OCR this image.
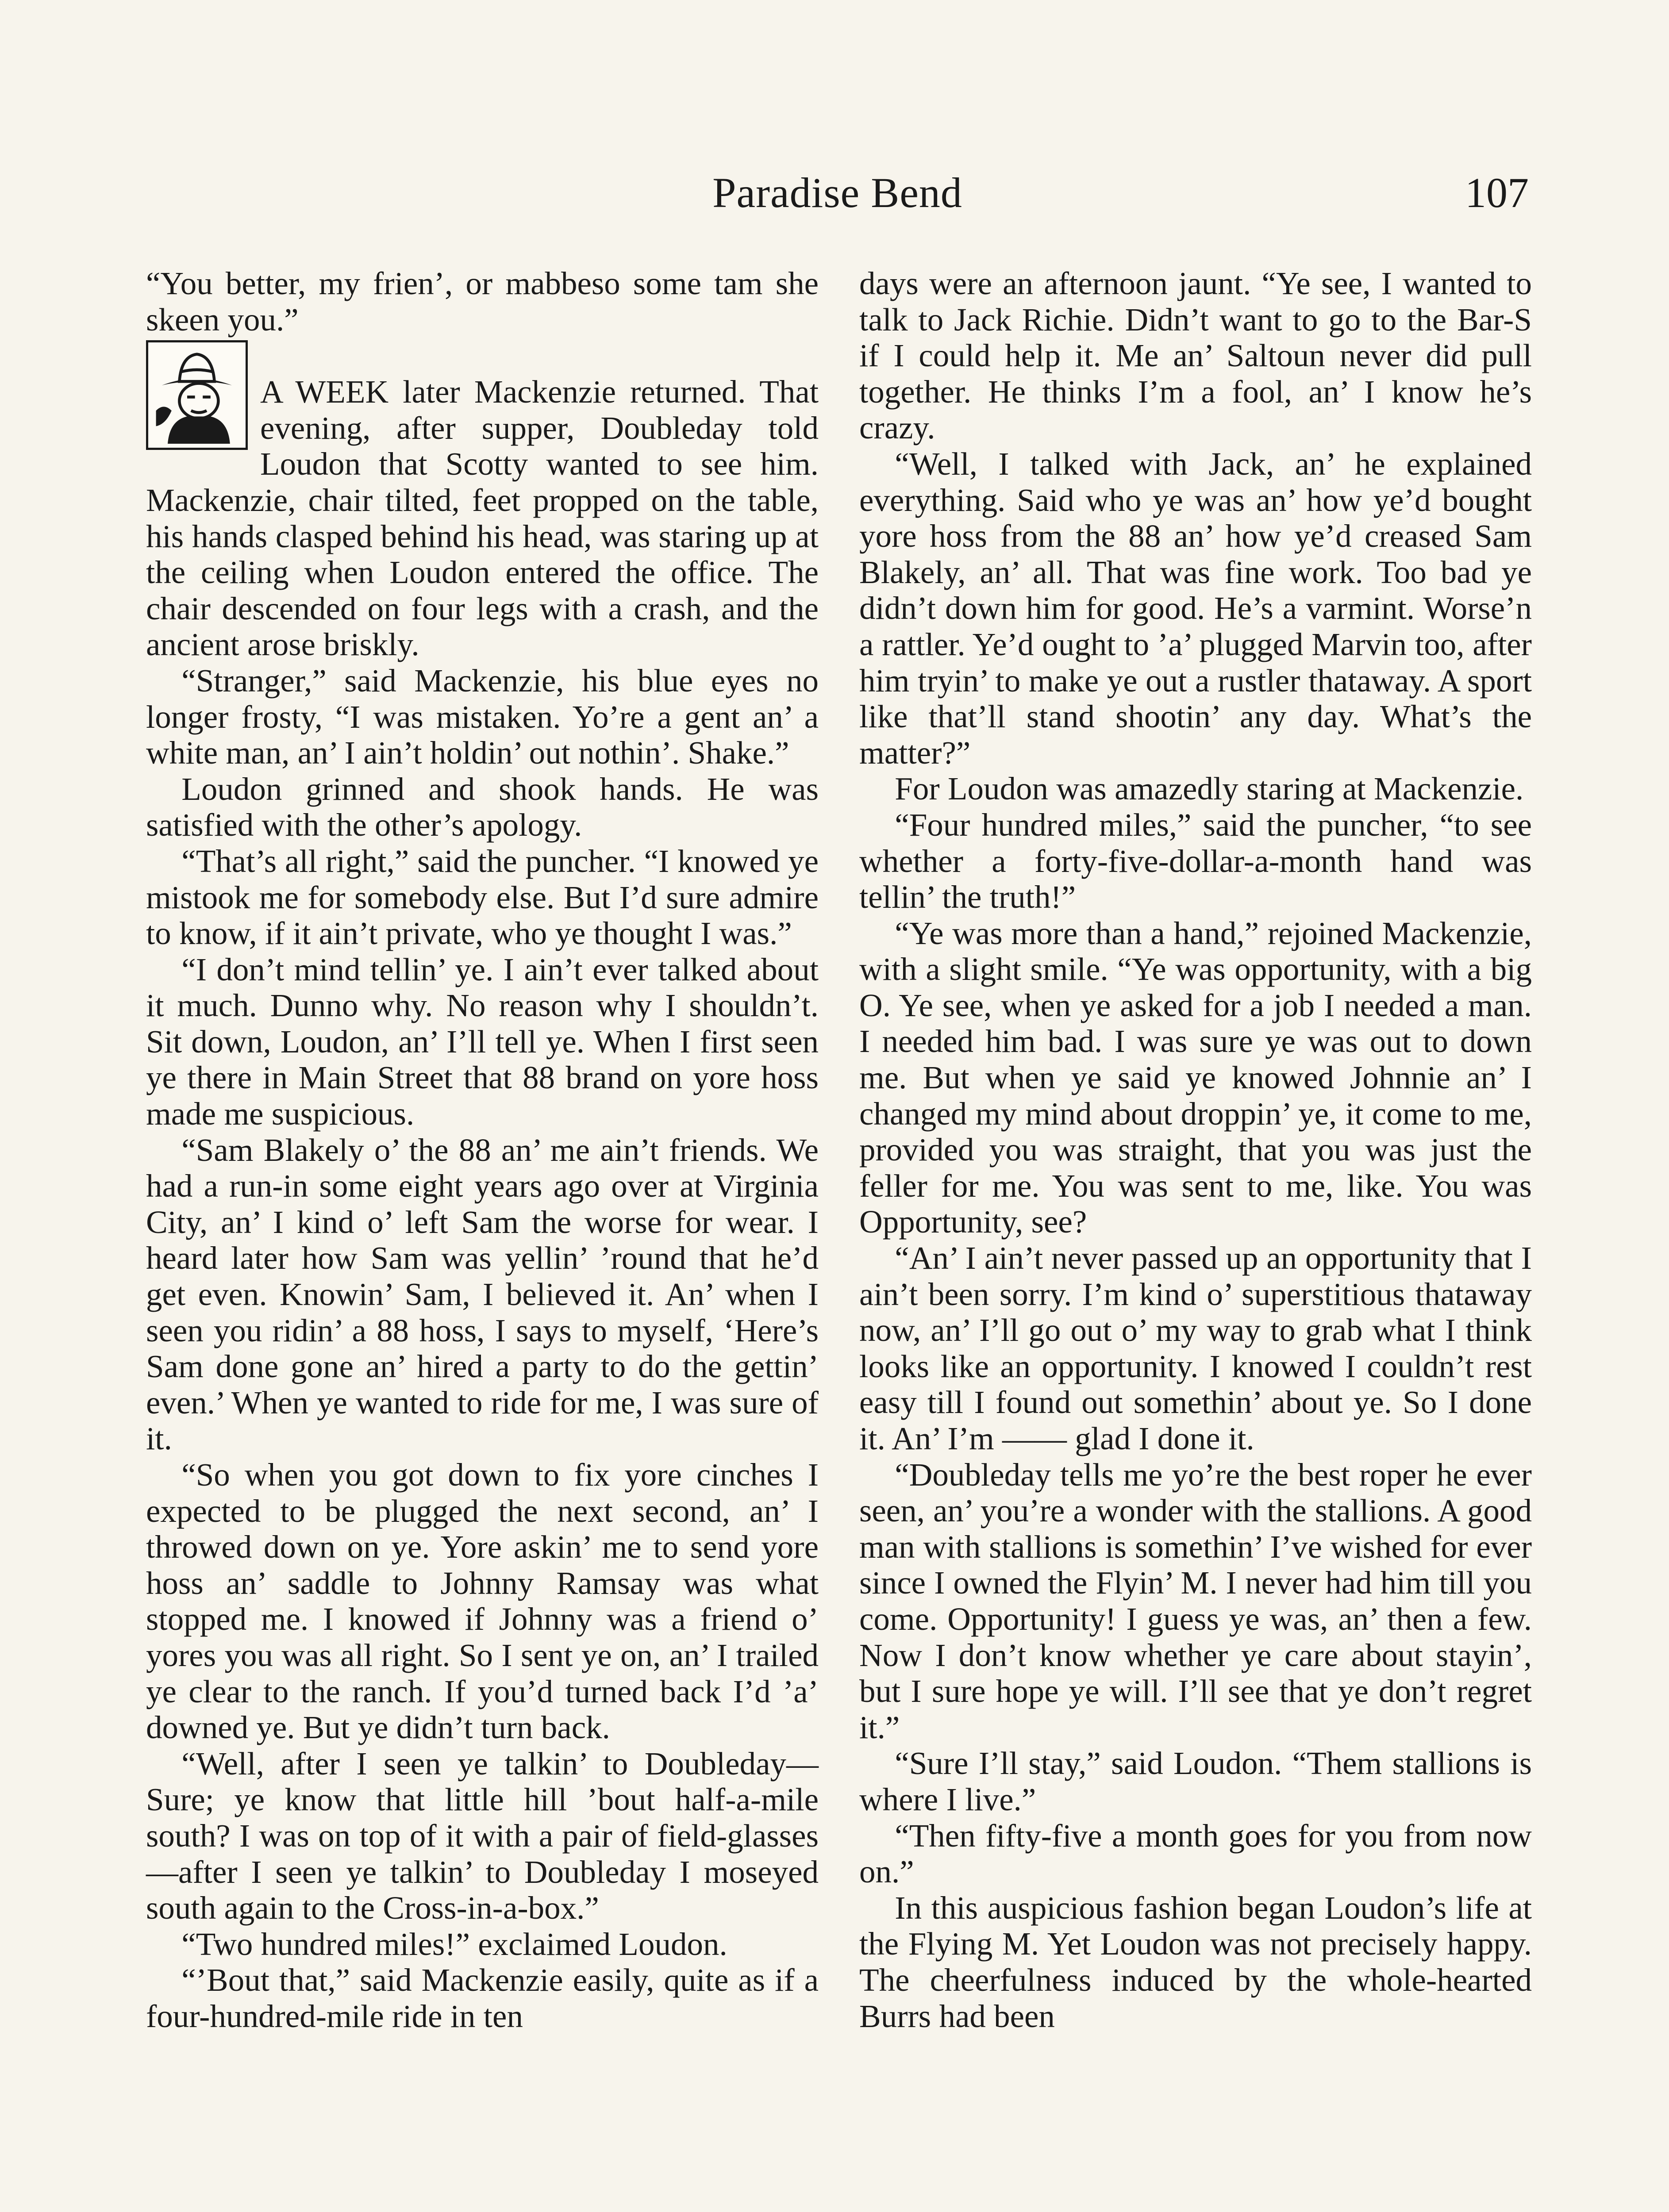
Paradise Bend	107

“You better, my frien’, or mabbeso some tam she skeen you.”

A WEEK later Mackenzie returned. That evening, after supper, Doubleday told Loudon that Scotty wanted to see him. Mackenzie, chair tilted, feet propped on the table, his hands clasped behind his head, was staring up at the ceiling when Loudon entered the office. The chair descended on four legs with a crash, and the ancient arose briskly.

“Stranger,” said Mackenzie, his blue eyes no longer frosty, “I was mistaken. Yo’re a gent an’ a white man, an’ I ain’t holdin’ out nothin’. Shake.”

Loudon grinned and shook hands. He was satisfied with the other’s apology.

“That’s all right,” said the puncher. “I knowed ye mistook me for somebody else. But I’d sure admire to know, if it ain’t private, who ye thought I was.”

“I don’t mind tellin’ ye. I ain’t ever talked about it much. Dunno why. No reason why I shouldn’t. Sit down, Loudon, an’ I’ll tell ye. When I first seen ye there in Main Street that 88 brand on yore hoss made me suspicious.

“Sam Blakely o’ the 88 an’ me ain’t friends. We had a run-in some eight years ago over at Virginia City, an’ I kind o’ left Sam the worse for wear. I heard later how Sam was yellin’ ’round that he’d get even. Knowin’ Sam, I believed it. An’ when I seen you ridin’ a 88 hoss, I says to myself, ‘Here’s Sam done gone an’ hired a party to do the gettin’ even.’ When ye wanted to ride for me, I was sure of it.

“So when you got down to fix yore cinches I expected to be plugged the next second, an’ I throwed down on ye. Yore askin’ me to send yore hoss an’ saddle to Johnny Ramsay was what stopped me. I knowed if Johnny was a friend o’ yores you was all right. So I sent ye on, an’ I trailed ye clear to the ranch. If you’d turned back I’d ’a’ downed ye. But ye didn’t turn back.

“Well, after I seen ye talkin’ to Doubleday— Sure; ye know that little hill ’bout half-a-mile south? I was on top of it with a pair of field-glasses—after I seen ye talkin’ to Doubleday I moseyed south again to the Cross-in-a-box.”

“Two hundred miles!” exclaimed Loudon.

“’Bout that,” said Mackenzie easily, quite as if a four-hundred-mile ride in ten

days were an afternoon jaunt. “Ye see, I wanted to talk to Jack Richie. Didn’t want to go to the Bar-S if I could help it. Me an’ Saltoun never did pull together. He thinks I’m a fool, an’ I know he’s crazy.

“Well, I talked with Jack, an’ he explained everything. Said who ye was an’ how ye’d bought yore hoss from the 88 an’ how ye’d creased Sam Blakely, an’ all. That was fine work. Too bad ye didn’t down him for good. He’s a varmint. Worse’n a rattler. Ye’d ought to ’a’ plugged Marvin too, after him tryin’ to make ye out a rustler thataway. A sport like that’ll stand shootin’ any day. What’s the matter?”

For Loudon was amazedly staring at Mackenzie.

“Four hundred miles,” said the puncher, “to see whether a forty-five-dollar-a-month hand was tellin’ the truth!”

“Ye was more than a hand,” rejoined Mackenzie, with a slight smile. “Ye was opportunity, with a big O. Ye see, when ye asked for a job I needed a man. I needed him bad. I was sure ye was out to down me. But when ye said ye knowed Johnnie an’ I changed my mind about droppin’ ye, it come to me, provided you was straight, that you was just the feller for me. You was sent to me, like. You was Opportunity, see?

“An’ I ain’t never passed up an opportunity that I ain’t been sorry. I’m kind o’ superstitious thataway now, an’ I’ll go out o’ my way to grab what I think looks like an opportunity. I knowed I couldn’t rest easy till I found out somethin’ about ye. So I done it. An’ I’m —— glad I done it.

“Doubleday tells me yo’re the best roper he ever seen, an’ you’re a wonder with the stallions. A good man with stallions is somethin’ I’ve wished for ever since I owned the Flyin’ M. I never had him till you come. Opportunity! I guess ye was, an’ then a few. Now I don’t know whether ye care about stayin’, but I sure hope ye will. I’ll see that ye don’t regret it.”

“Sure I’ll stay,” said Loudon. “Them stallions is where I live.”

“Then fifty-five a month goes for you from now on.”

In this auspicious fashion began Loudon’s life at the Flying M. Yet Loudon was not precisely happy. The cheerfulness induced by the whole-hearted Burrs had been
